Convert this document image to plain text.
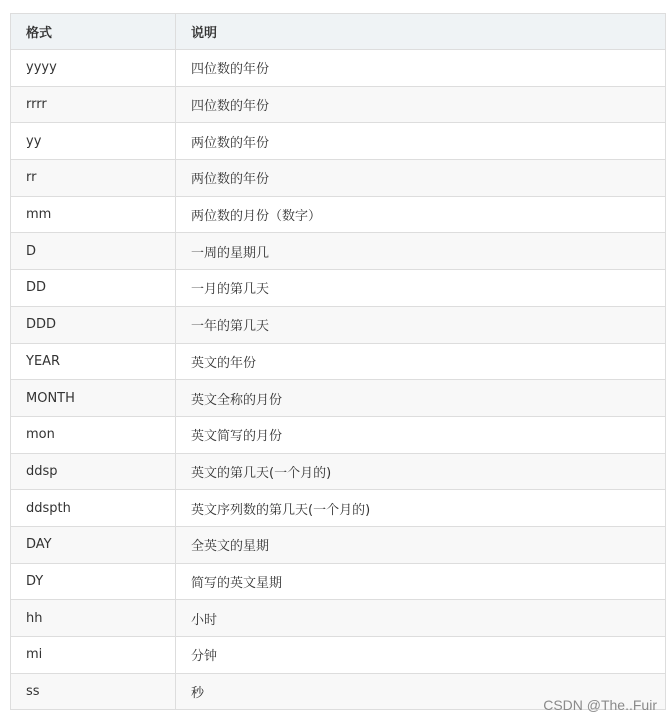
格式	说明
yyyy	四位数的年份
rrrr	四位数的年份
yy	两位数的年份
rr	两位数的年份
mm	两位数的月份（数字）
D	一周的星期几
DD	一月的第几天
DDD	一年的第几天
YEAR	英文的年份
MONTH	英文全称的月份
mon	英文简写的月份
ddsp	英文的第几天(一个月的)
ddspth	英文序列数的第几天(一个月的)
DAY	全英文的星期
DY	简写的英文星期
hh	小时
mi	分钟
ss	秒
CSDN @The..Fuir
